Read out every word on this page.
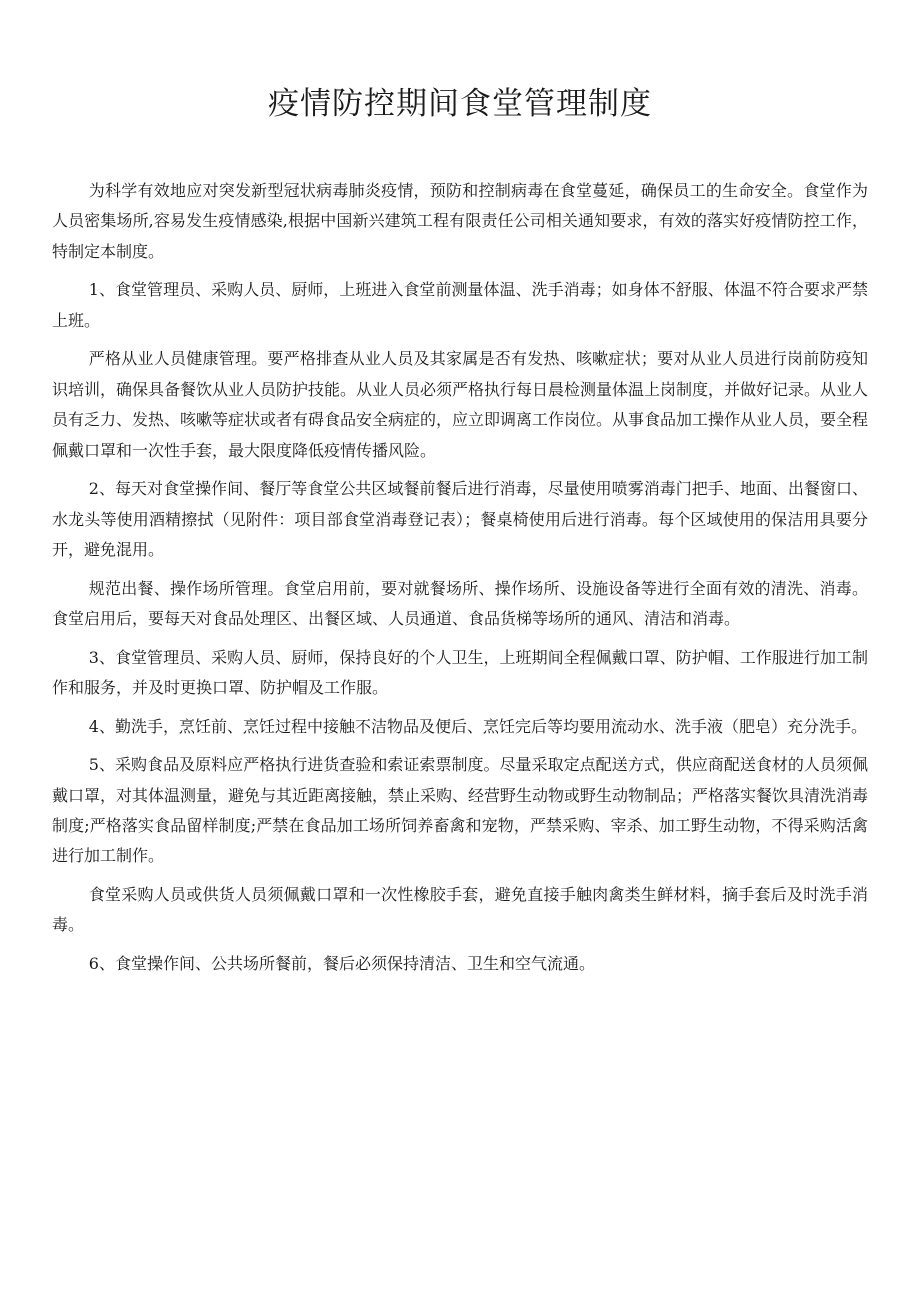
疫情防控期间食堂管理制度

为科学有效地应对突发新型冠状病毒肺炎疫情，预防和控制病毒在食堂蔓延，确保员工的生命安全。食堂作为人员密集场所,容易发生疫情感染,根据中国新兴建筑工程有限责任公司相关通知要求，有效的落实好疫情防控工作，特制定本制度。

1、食堂管理员、采购人员、厨师，上班进入食堂前测量体温、洗手消毒；如身体不舒服、体温不符合要求严禁上班。

严格从业人员健康管理。要严格排查从业人员及其家属是否有发热、咳嗽症状；要对从业人员进行岗前防疫知识培训，确保具备餐饮从业人员防护技能。从业人员必须严格执行每日晨检测量体温上岗制度，并做好记录。从业人员有乏力、发热、咳嗽等症状或者有碍食品安全病症的，应立即调离工作岗位。从事食品加工操作从业人员，要全程佩戴口罩和一次性手套，最大限度降低疫情传播风险。

2、每天对食堂操作间、餐厅等食堂公共区域餐前餐后进行消毒，尽量使用喷雾消毒门把手、地面、出餐窗口、水龙头等使用酒精擦拭（见附件：项目部食堂消毒登记表）；餐桌椅使用后进行消毒。每个区域使用的保洁用具要分开，避免混用。

规范出餐、操作场所管理。食堂启用前，要对就餐场所、操作场所、设施设备等进行全面有效的清洗、消毒。食堂启用后，要每天对食品处理区、出餐区域、人员通道、食品货梯等场所的通风、清洁和消毒。

3、食堂管理员、采购人员、厨师，保持良好的个人卫生，上班期间全程佩戴口罩、防护帽、工作服进行加工制作和服务，并及时更换口罩、防护帽及工作服。

4、勤洗手，烹饪前、烹饪过程中接触不洁物品及便后、烹饪完后等均要用流动水、洗手液（肥皂）充分洗手。

5、采购食品及原料应严格执行进货查验和索证索票制度。尽量采取定点配送方式，供应商配送食材的人员须佩戴口罩，对其体温测量，避免与其近距离接触，禁止采购、经营野生动物或野生动物制品；严格落实餐饮具清洗消毒制度;严格落实食品留样制度;严禁在食品加工场所饲养畜禽和宠物，严禁采购、宰杀、加工野生动物，不得采购活禽进行加工制作。

食堂采购人员或供货人员须佩戴口罩和一次性橡胶手套，避免直接手触肉禽类生鲜材料，摘手套后及时洗手消毒。

6、食堂操作间、公共场所餐前，餐后必须保持清洁、卫生和空气流通。
